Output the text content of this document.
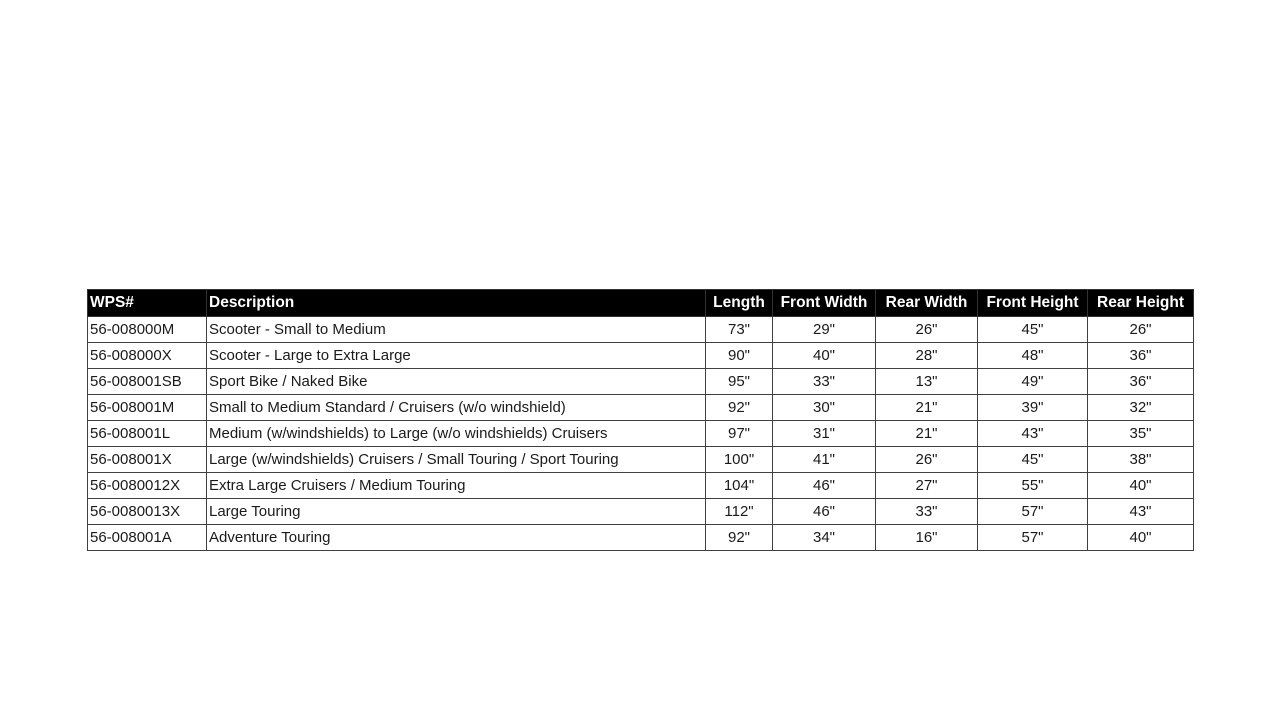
WPS#	Description	Length	Front Width	Rear Width	Front Height	Rear Height
56-008000M	Scooter - Small to Medium	73"	29"	26"	45"	26"
56-008000X	Scooter - Large to Extra Large	90"	40"	28"	48"	36"
56-008001SB	Sport Bike / Naked Bike	95"	33"	13"	49"	36"
56-008001M	Small to Medium Standard / Cruisers (w/o windshield)	92"	30"	21"	39"	32"
56-008001L	Medium (w/windshields) to Large (w/o windshields) Cruisers	97"	31"	21"	43"	35"
56-008001X	Large (w/windshields) Cruisers / Small Touring / Sport Touring	100"	41"	26"	45"	38"
56-0080012X	Extra Large Cruisers / Medium Touring	104"	46"	27"	55"	40"
56-0080013X	Large Touring	112"	46"	33"	57"	43"
56-008001A	Adventure Touring	92"	34"	16"	57"	40"
